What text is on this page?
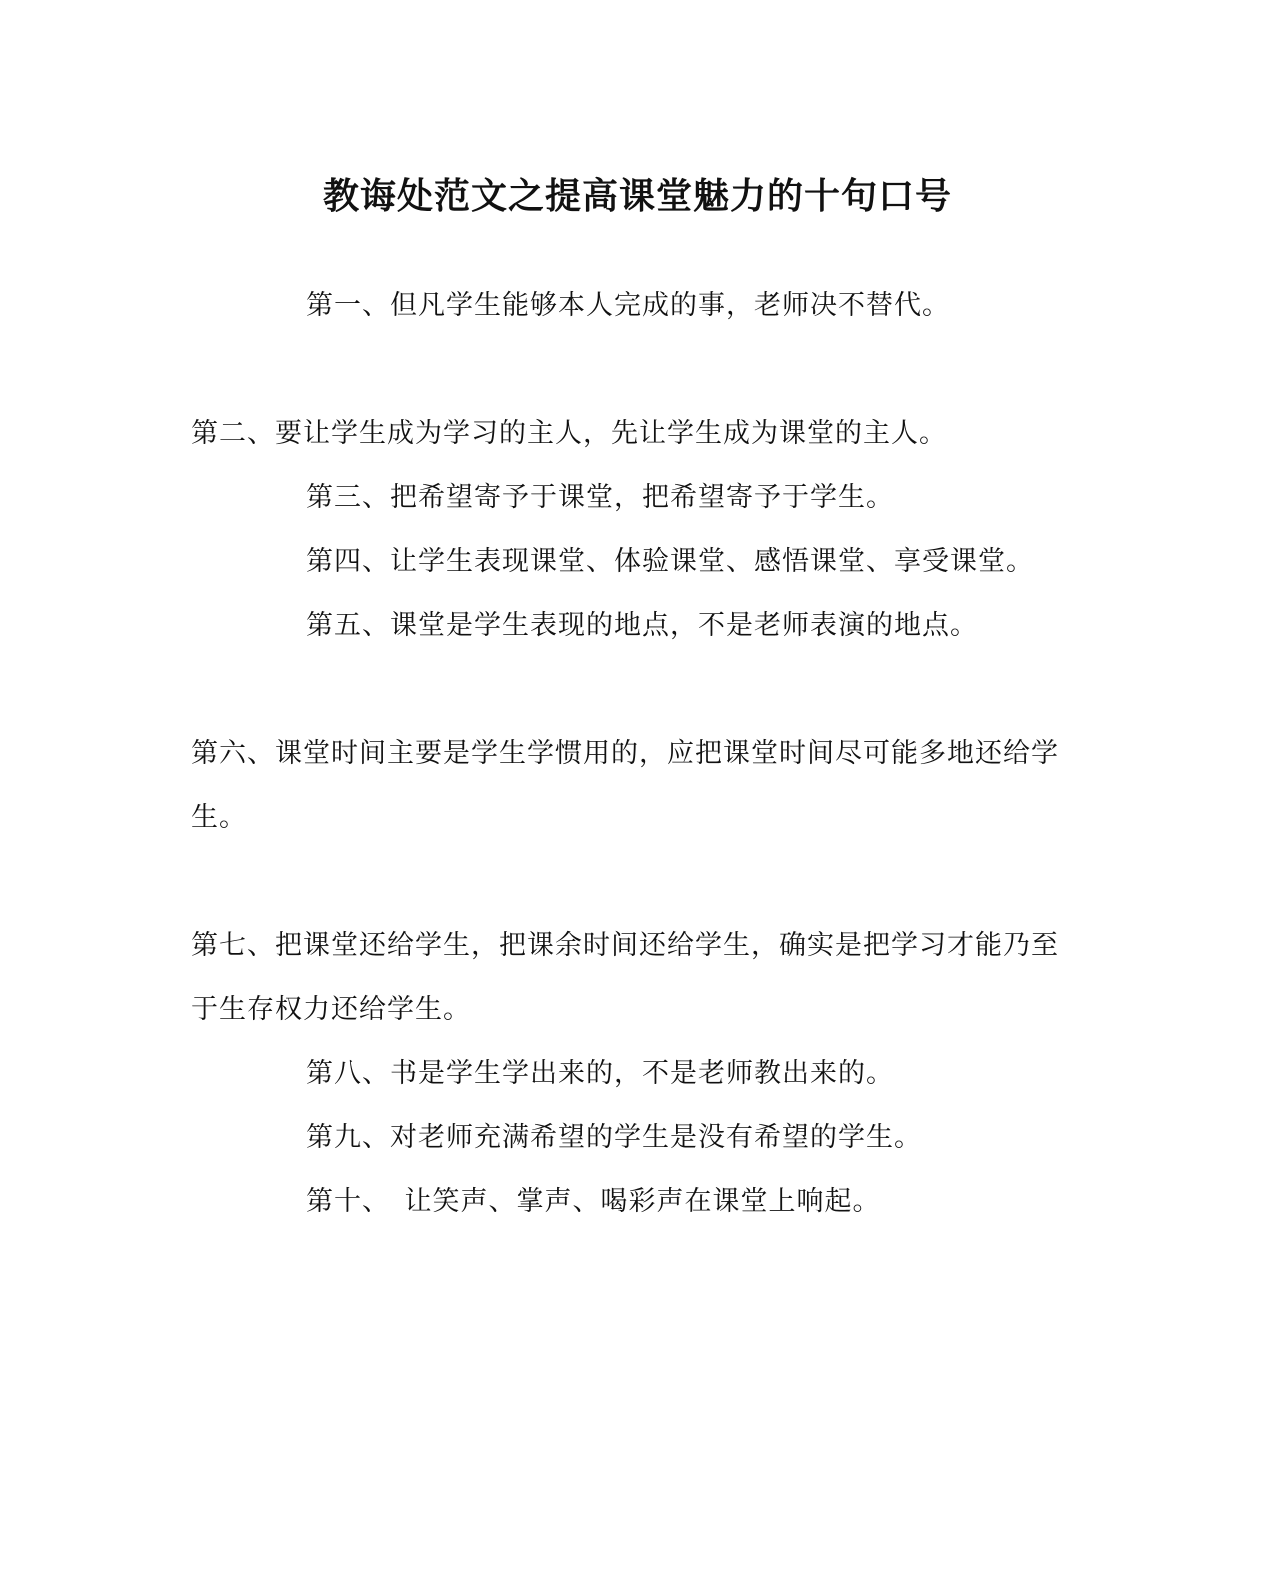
教诲处范文之提高课堂魅力的十句口号
第一、但凡学生能够本人完成的事，老师决不替代。
第二、要让学生成为学习的主人，先让学生成为课堂的主人。
第三、把希望寄予于课堂，把希望寄予于学生。
第四、让学生表现课堂、体验课堂、感悟课堂、享受课堂。
第五、课堂是学生表现的地点，不是老师表演的地点。
第六、课堂时间主要是学生学惯用的，应把课堂时间尽可能多地还给学生。
第七、把课堂还给学生，把课余时间还给学生，确实是把学习才能乃至于生存权力还给学生。
第八、书是学生学出来的，不是老师教出来的。
第九、对老师充满希望的学生是没有希望的学生。
第十、　让笑声、掌声、喝彩声在课堂上响起。
